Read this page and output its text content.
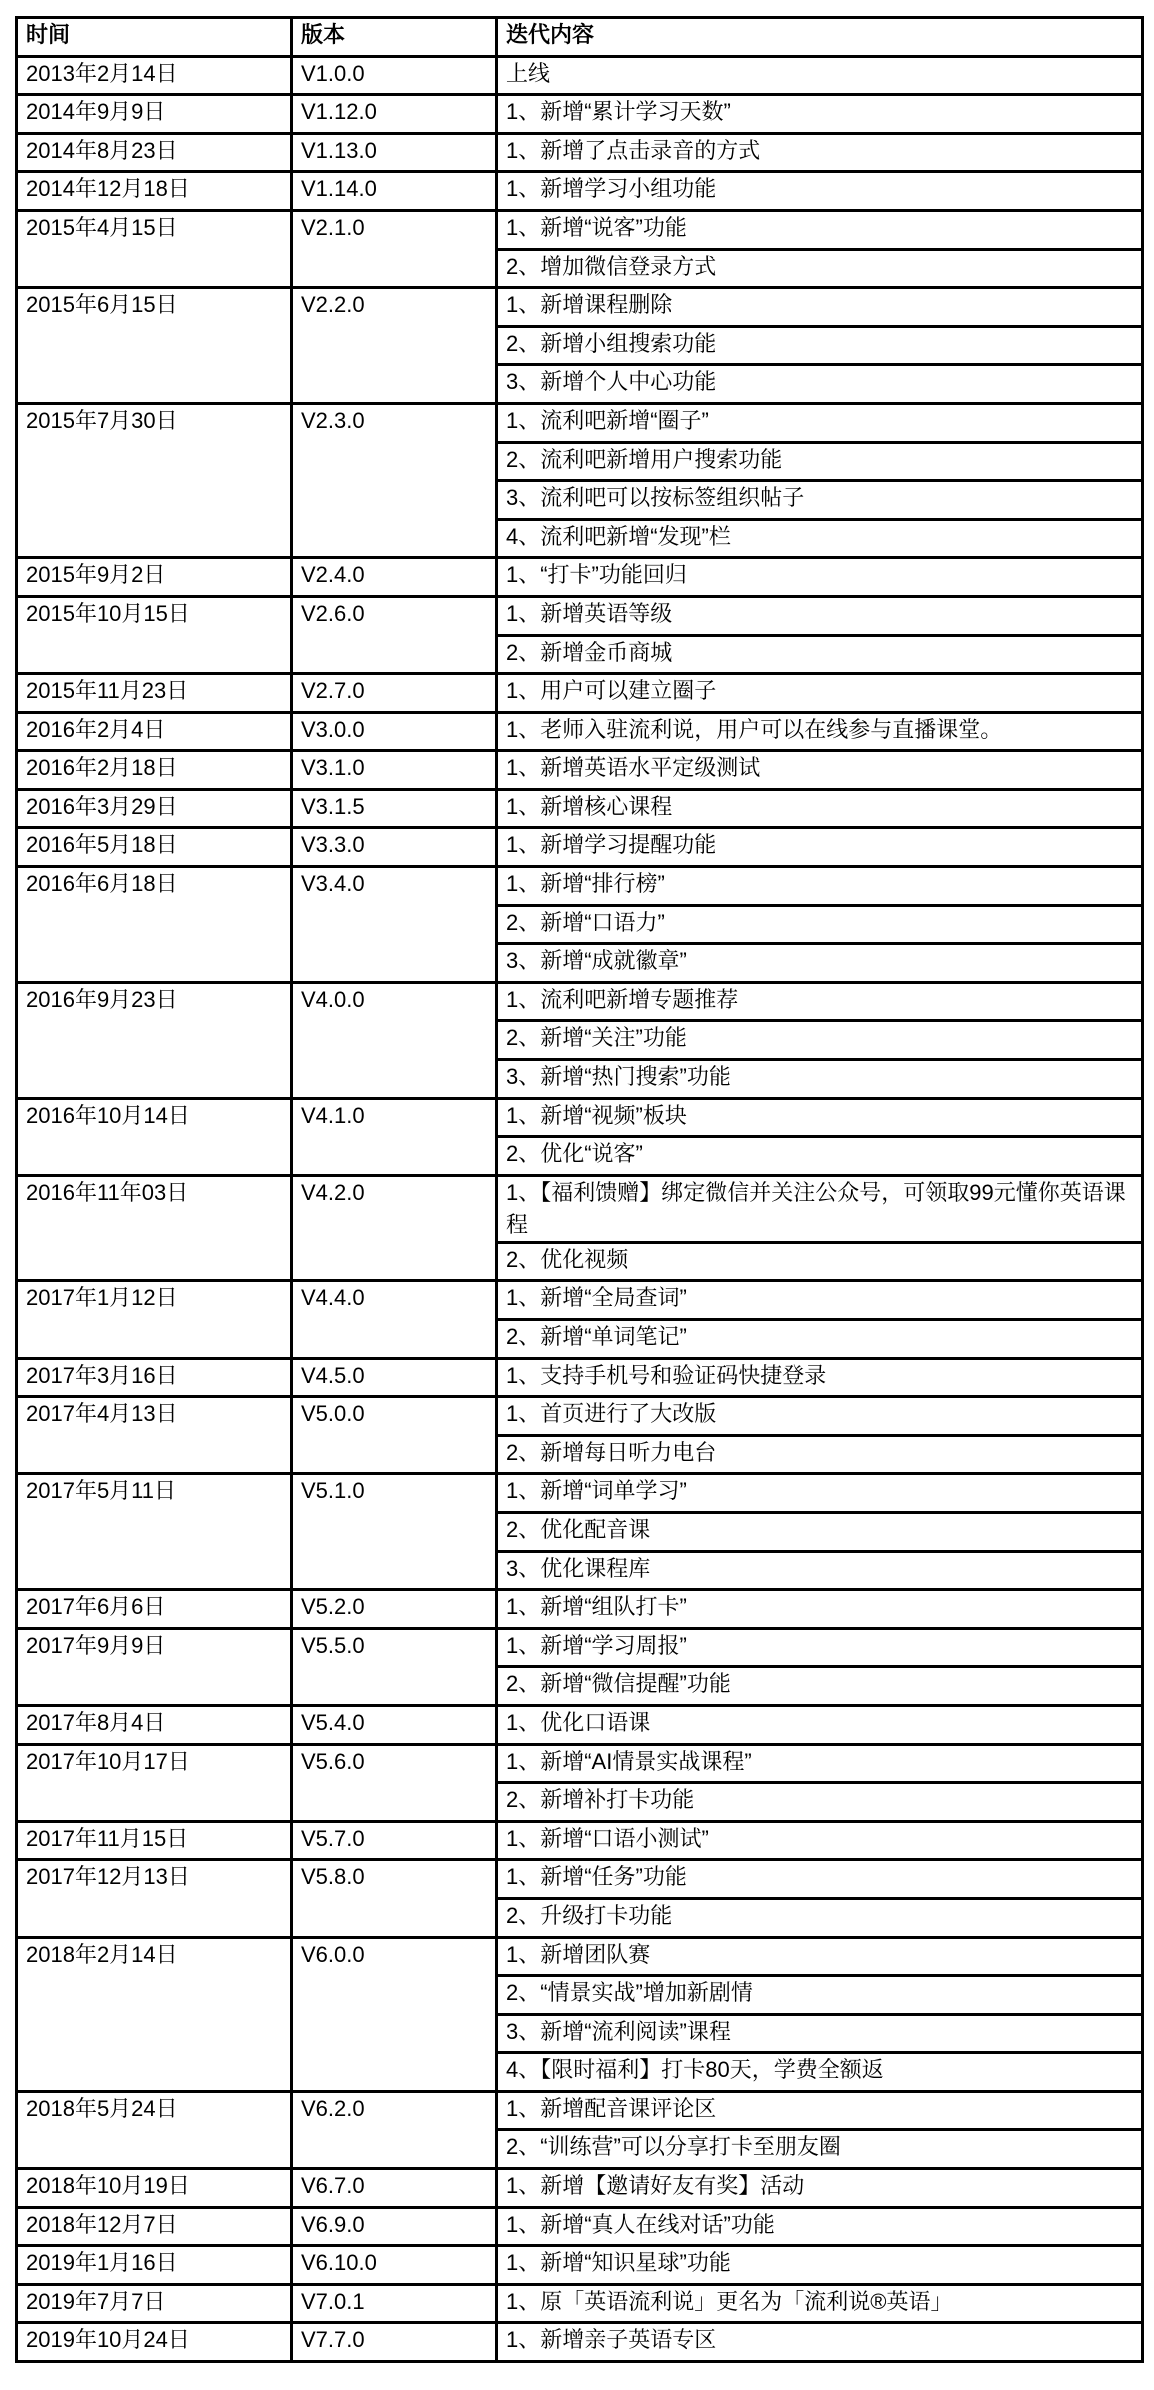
时间	版本	迭代内容
2013年2月14日	V1.0.0	上线
2014年9月9日	V1.12.0	1、新增“累计学习天数”
2014年8月23日	V1.13.0	1、新增了点击录音的方式
2014年12月18日	V1.14.0	1、新增学习小组功能
2015年4月15日	V2.1.0	1、新增“说客”功能
		2、增加微信登录方式
2015年6月15日	V2.2.0	1、新增课程删除
		2、新增小组搜索功能
		3、新增个人中心功能
2015年7月30日	V2.3.0	1、流利吧新增“圈子”
		2、流利吧新增用户搜索功能
		3、流利吧可以按标签组织帖子
		4、流利吧新增“发现”栏
2015年9月2日	V2.4.0	1、“打卡”功能回归
2015年10月15日	V2.6.0	1、新增英语等级
		2、新增金币商城
2015年11月23日	V2.7.0	1、用户可以建立圈子
2016年2月4日	V3.0.0	1、老师入驻流利说，用户可以在线参与直播课堂。
2016年2月18日	V3.1.0	1、新增英语水平定级测试
2016年3月29日	V3.1.5	1、新增核心课程
2016年5月18日	V3.3.0	1、新增学习提醒功能
2016年6月18日	V3.4.0	1、新增“排行榜”
		2、新增“口语力”
		3、新增“成就徽章”
2016年9月23日	V4.0.0	1、流利吧新增专题推荐
		2、新增“关注”功能
		3、新增“热门搜索”功能
2016年10月14日	V4.1.0	1、新增“视频”板块
		2、优化“说客”
2016年11年03日	V4.2.0	1、【福利馈赠】绑定微信并关注公众号，可领取99元懂你英语课程
		2、优化视频
2017年1月12日	V4.4.0	1、新增“全局查词”
		2、新增“单词笔记”
2017年3月16日	V4.5.0	1、支持手机号和验证码快捷登录
2017年4月13日	V5.0.0	1、首页进行了大改版
		2、新增每日听力电台
2017年5月11日	V5.1.0	1、新增“词单学习”
		2、优化配音课
		3、优化课程库
2017年6月6日	V5.2.0	1、新增“组队打卡”
2017年9月9日	V5.5.0	1、新增“学习周报”
		2、新增“微信提醒”功能
2017年8月4日	V5.4.0	1、优化口语课
2017年10月17日	V5.6.0	1、新增“AI情景实战课程”
		2、新增补打卡功能
2017年11月15日	V5.7.0	1、新增“口语小测试”
2017年12月13日	V5.8.0	1、新增“任务”功能
		2、升级打卡功能
2018年2月14日	V6.0.0	1、新增团队赛
		2、“情景实战”增加新剧情
		3、新增“流利阅读”课程
		4、【限时福利】打卡80天，学费全额返
2018年5月24日	V6.2.0	1、新增配音课评论区
		2、“训练营”可以分享打卡至朋友圈
2018年10月19日	V6.7.0	1、新增【邀请好友有奖】活动
2018年12月7日	V6.9.0	1、新增“真人在线对话”功能
2019年1月16日	V6.10.0	1、新增“知识星球”功能
2019年7月7日	V7.0.1	1、原「英语流利说」更名为「流利说®英语」
2019年10月24日	V7.7.0	1、新增亲子英语专区
